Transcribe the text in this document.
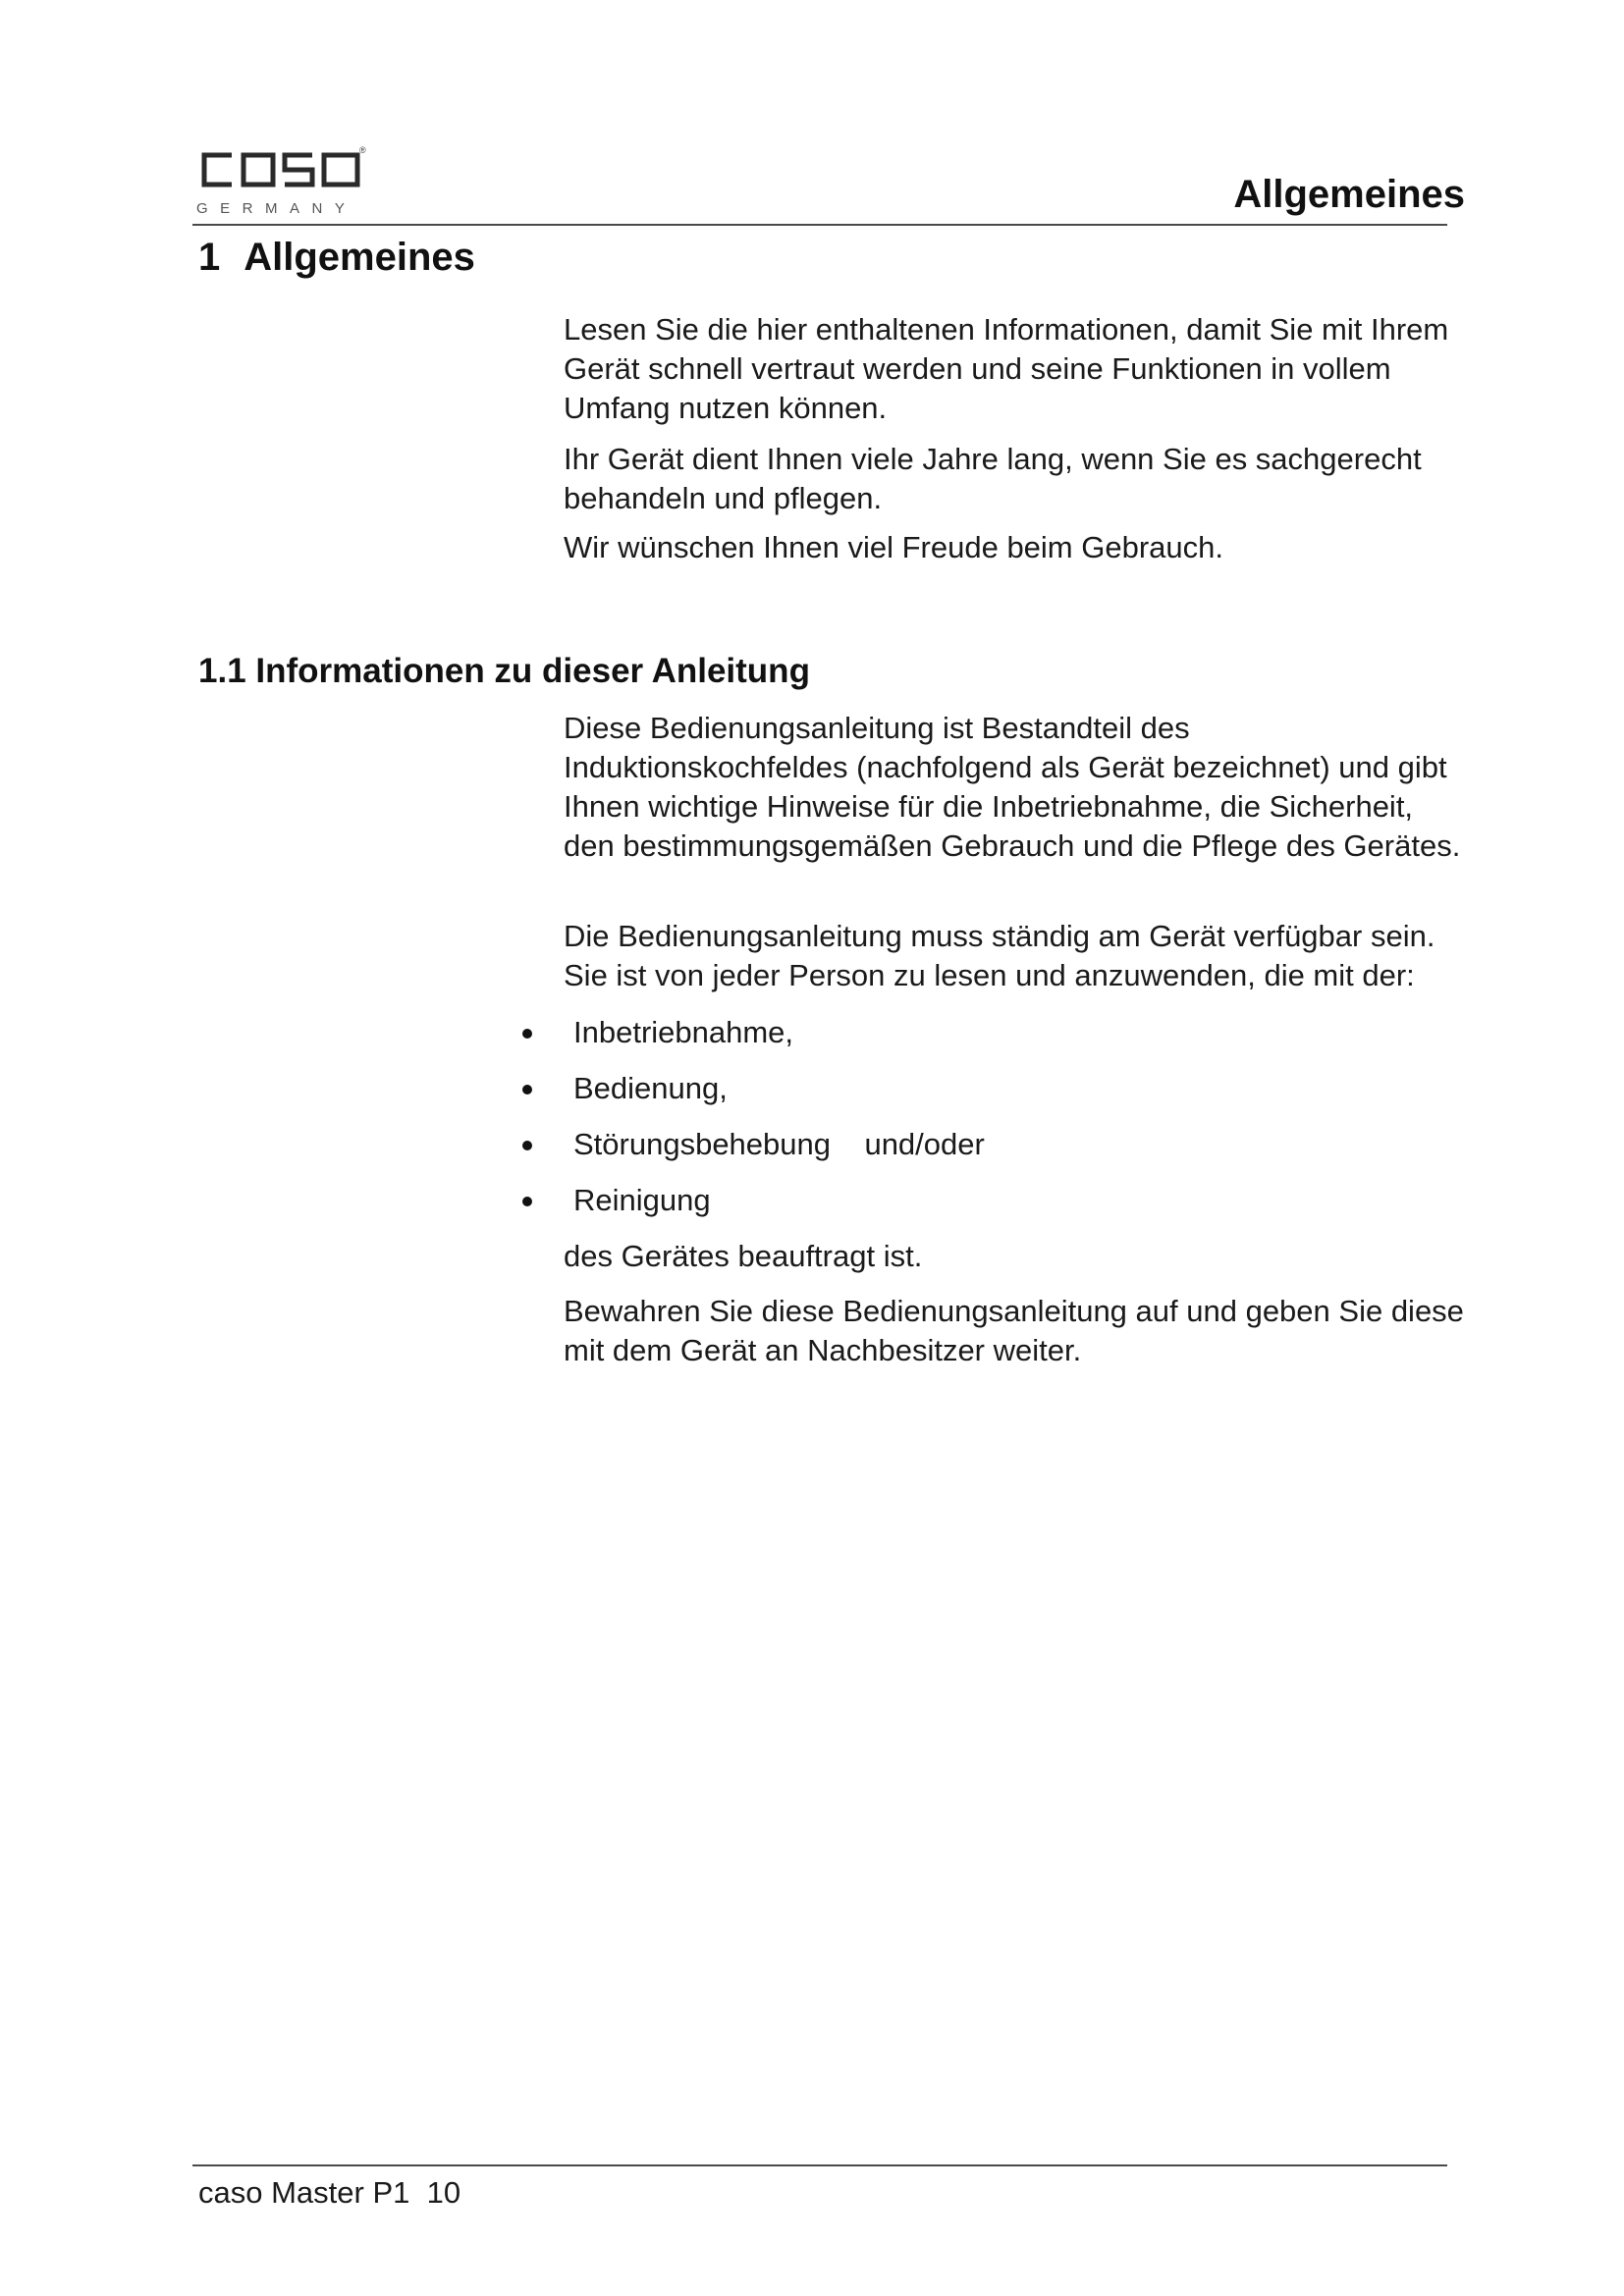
®
GERMANY	Allgemeines
1 Allgemeines
Lesen Sie die hier enthaltenen Informationen, damit Sie mit Ihrem Gerät schnell vertraut werden und seine Funktionen in vollem Umfang nutzen können.
Ihr Gerät dient Ihnen viele Jahre lang, wenn Sie es sachgerecht behandeln und pflegen.
Wir wünschen Ihnen viel Freude beim Gebrauch.
1.1 Informationen zu dieser Anleitung
Diese Bedienungsanleitung ist Bestandteil des Induktionskochfeldes (nachfolgend als Gerät bezeichnet) und gibt Ihnen wichtige Hinweise für die Inbetriebnahme, die Sicherheit, den bestimmungsgemäßen Gebrauch und die Pflege des Gerätes.
Die Bedienungsanleitung muss ständig am Gerät verfügbar sein. Sie ist von jeder Person zu lesen und anzuwenden, die mit der:
Inbetriebnahme,
Bedienung,
Störungsbehebung    und/oder
Reinigung
des Gerätes beauftragt ist.
Bewahren Sie diese Bedienungsanleitung auf und geben Sie diese mit dem Gerät an Nachbesitzer weiter.
caso Master P1  10
